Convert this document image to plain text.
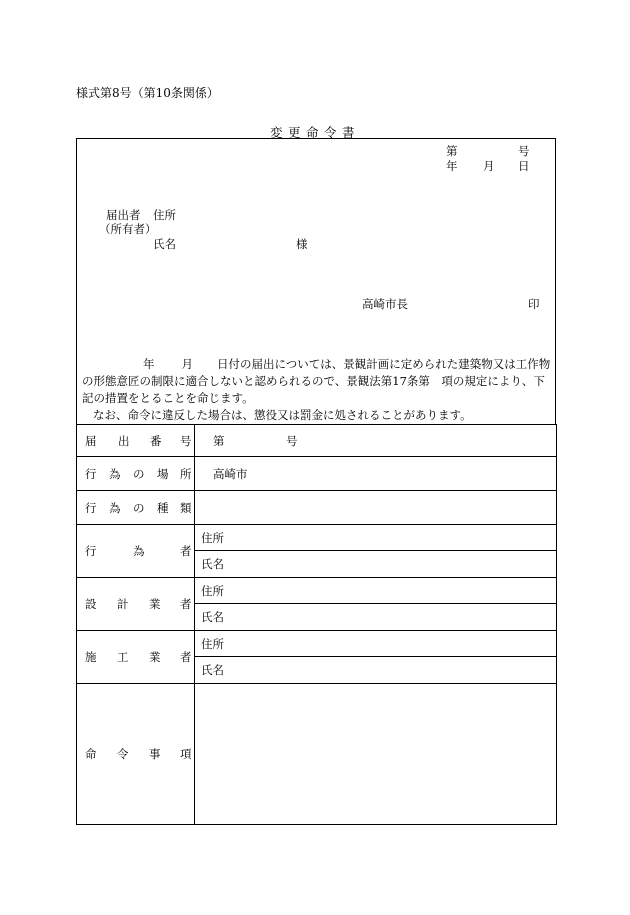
様式第8号（第10条関係）
変 更 命 令 書
第	号
年 月 日
届出者 住所
（所有者）
氏名	様
高崎市長	印
年 月 日付の届出については、景観計画に定められた建築物又は工作物の形態意匠の制限に適合しないと認められるので、景観法第17条第　項の規定により、下記の措置をとることを命じます。
なお、命令に違反した場合は、懲役又は罰金に処されることがあります。
届 出 番 号	第 号

行 為 の 場 所	高崎市

行 為 の 種 類	

行 為 者	住所
	氏名

設 計 業 者	住所
	氏名

施 工 業 者	住所
	氏名

命 令 事 項	
